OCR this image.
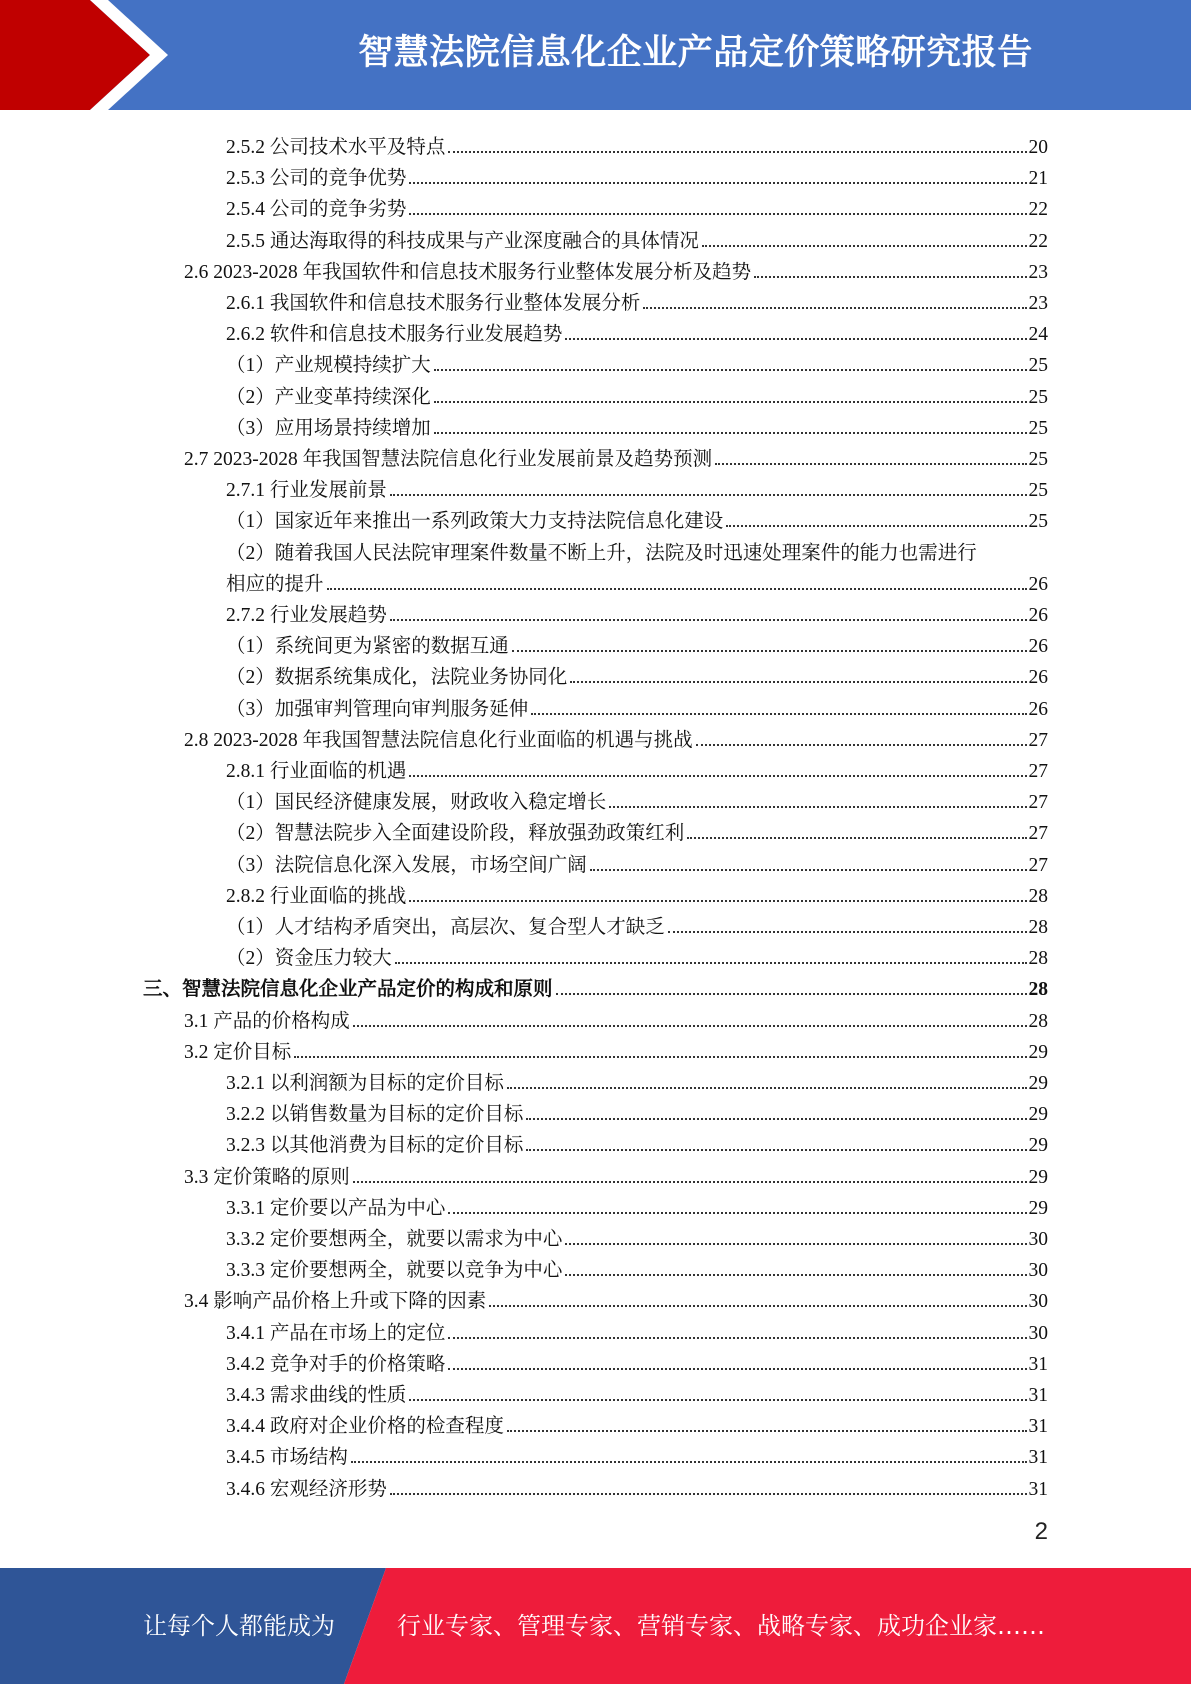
智慧法院信息化企业产品定价策略研究报告
2.5.2 公司技术水平及特点	20
2.5.3 公司的竞争优势	21
2.5.4 公司的竞争劣势	22
2.5.5 通达海取得的科技成果与产业深度融合的具体情况	22
2.6 2023-2028 年我国软件和信息技术服务行业整体发展分析及趋势	23
2.6.1 我国软件和信息技术服务行业整体发展分析	23
2.6.2 软件和信息技术服务行业发展趋势	24
（1）产业规模持续扩大	25
（2）产业变革持续深化	25
（3）应用场景持续增加	25
2.7 2023-2028 年我国智慧法院信息化行业发展前景及趋势预测	25
2.7.1 行业发展前景	25
（1）国家近年来推出一系列政策大力支持法院信息化建设	25
（2）随着我国人民法院审理案件数量不断上升，法院及时迅速处理案件的能力也需进行
相应的提升	26
2.7.2 行业发展趋势	26
（1）系统间更为紧密的数据互通	26
（2）数据系统集成化，法院业务协同化	26
（3）加强审判管理向审判服务延伸	26
2.8 2023-2028 年我国智慧法院信息化行业面临的机遇与挑战	27
2.8.1 行业面临的机遇	27
（1）国民经济健康发展，财政收入稳定增长	27
（2）智慧法院步入全面建设阶段，释放强劲政策红利	27
（3）法院信息化深入发展，市场空间广阔	27
2.8.2 行业面临的挑战	28
（1）人才结构矛盾突出，高层次、复合型人才缺乏	28
（2）资金压力较大	28
三、智慧法院信息化企业产品定价的构成和原则	28
3.1 产品的价格构成	28
3.2 定价目标	29
3.2.1 以利润额为目标的定价目标	29
3.2.2 以销售数量为目标的定价目标	29
3.2.3 以其他消费为目标的定价目标	29
3.3 定价策略的原则	29
3.3.1 定价要以产品为中心	29
3.3.2 定价要想两全，就要以需求为中心	30
3.3.3 定价要想两全，就要以竞争为中心	30
3.4 影响产品价格上升或下降的因素	30
3.4.1 产品在市场上的定位	30
3.4.2 竞争对手的价格策略	31
3.4.3 需求曲线的性质	31
3.4.4 政府对企业价格的检查程度	31
3.4.5 市场结构	31
3.4.6 宏观经济形势	31
2
让每个人都能成为	行业专家、管理专家、营销专家、战略专家、成功企业家……
